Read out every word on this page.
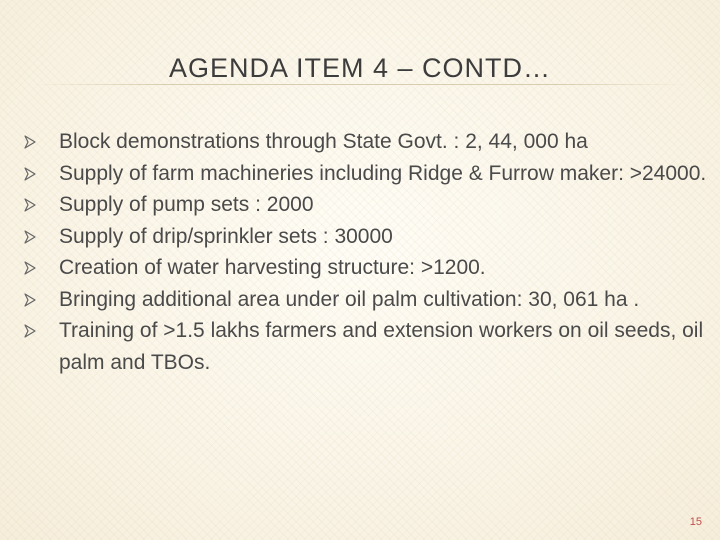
AGENDA ITEM 4 – CONTD…
Block demonstrations through State Govt. : 2, 44, 000 ha
Supply of farm machineries including Ridge & Furrow maker: >24000.
Supply of pump sets : 2000
Supply of drip/sprinkler sets : 30000
Creation of water harvesting structure: >1200.
Bringing additional area under oil palm cultivation: 30, 061 ha .
Training of >1.5 lakhs farmers and extension workers on oil seeds, oil palm and TBOs.
15
